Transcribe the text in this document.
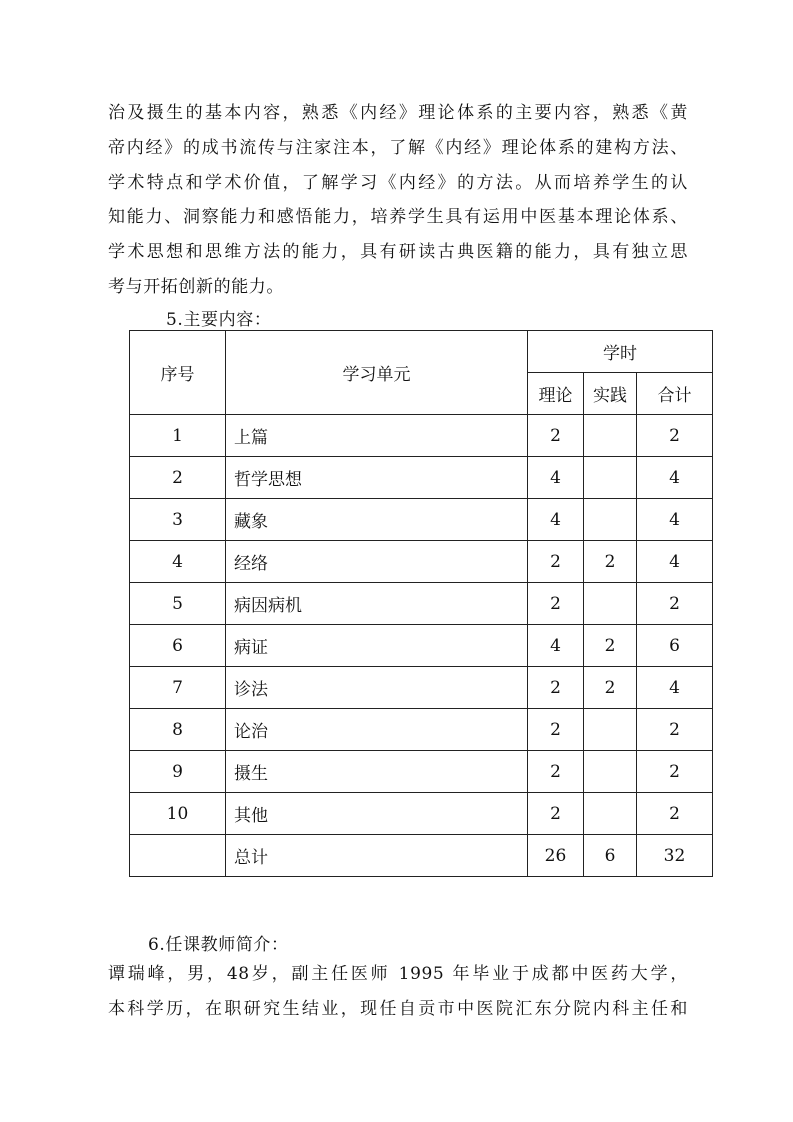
治及摄生的基本内容，熟悉《内经》理论体系的主要内容，熟悉《黄
帝内经》的成书流传与注家注本，了解《内经》理论体系的建构方法、
学术特点和学术价值，了解学习《内经》的方法。从而培养学生的认
知能力、洞察能力和感悟能力，培养学生具有运用中医基本理论体系、
学术思想和思维方法的能力，具有研读古典医籍的能力，具有独立思
考与开拓创新的能力。
5.主要内容：
序号	学习单元	学时		
		理论	实践	合计
1	上篇	2		2
2	哲学思想	4		4
3	藏象	4		4
4	经络	2	2	4
5	病因病机	2		2
6	病证	4	2	6
7	诊法	2	2	4
8	论治	2		2
9	摄生	2		2
10	其他	2		2
	总计	26	6	32
6.任课教师简介：
谭瑞峰，男，48岁，副主任医师 1995 年毕业于成都中医药大学，
本科学历，在职研究生结业，现任自贡市中医院汇东分院内科主任和
